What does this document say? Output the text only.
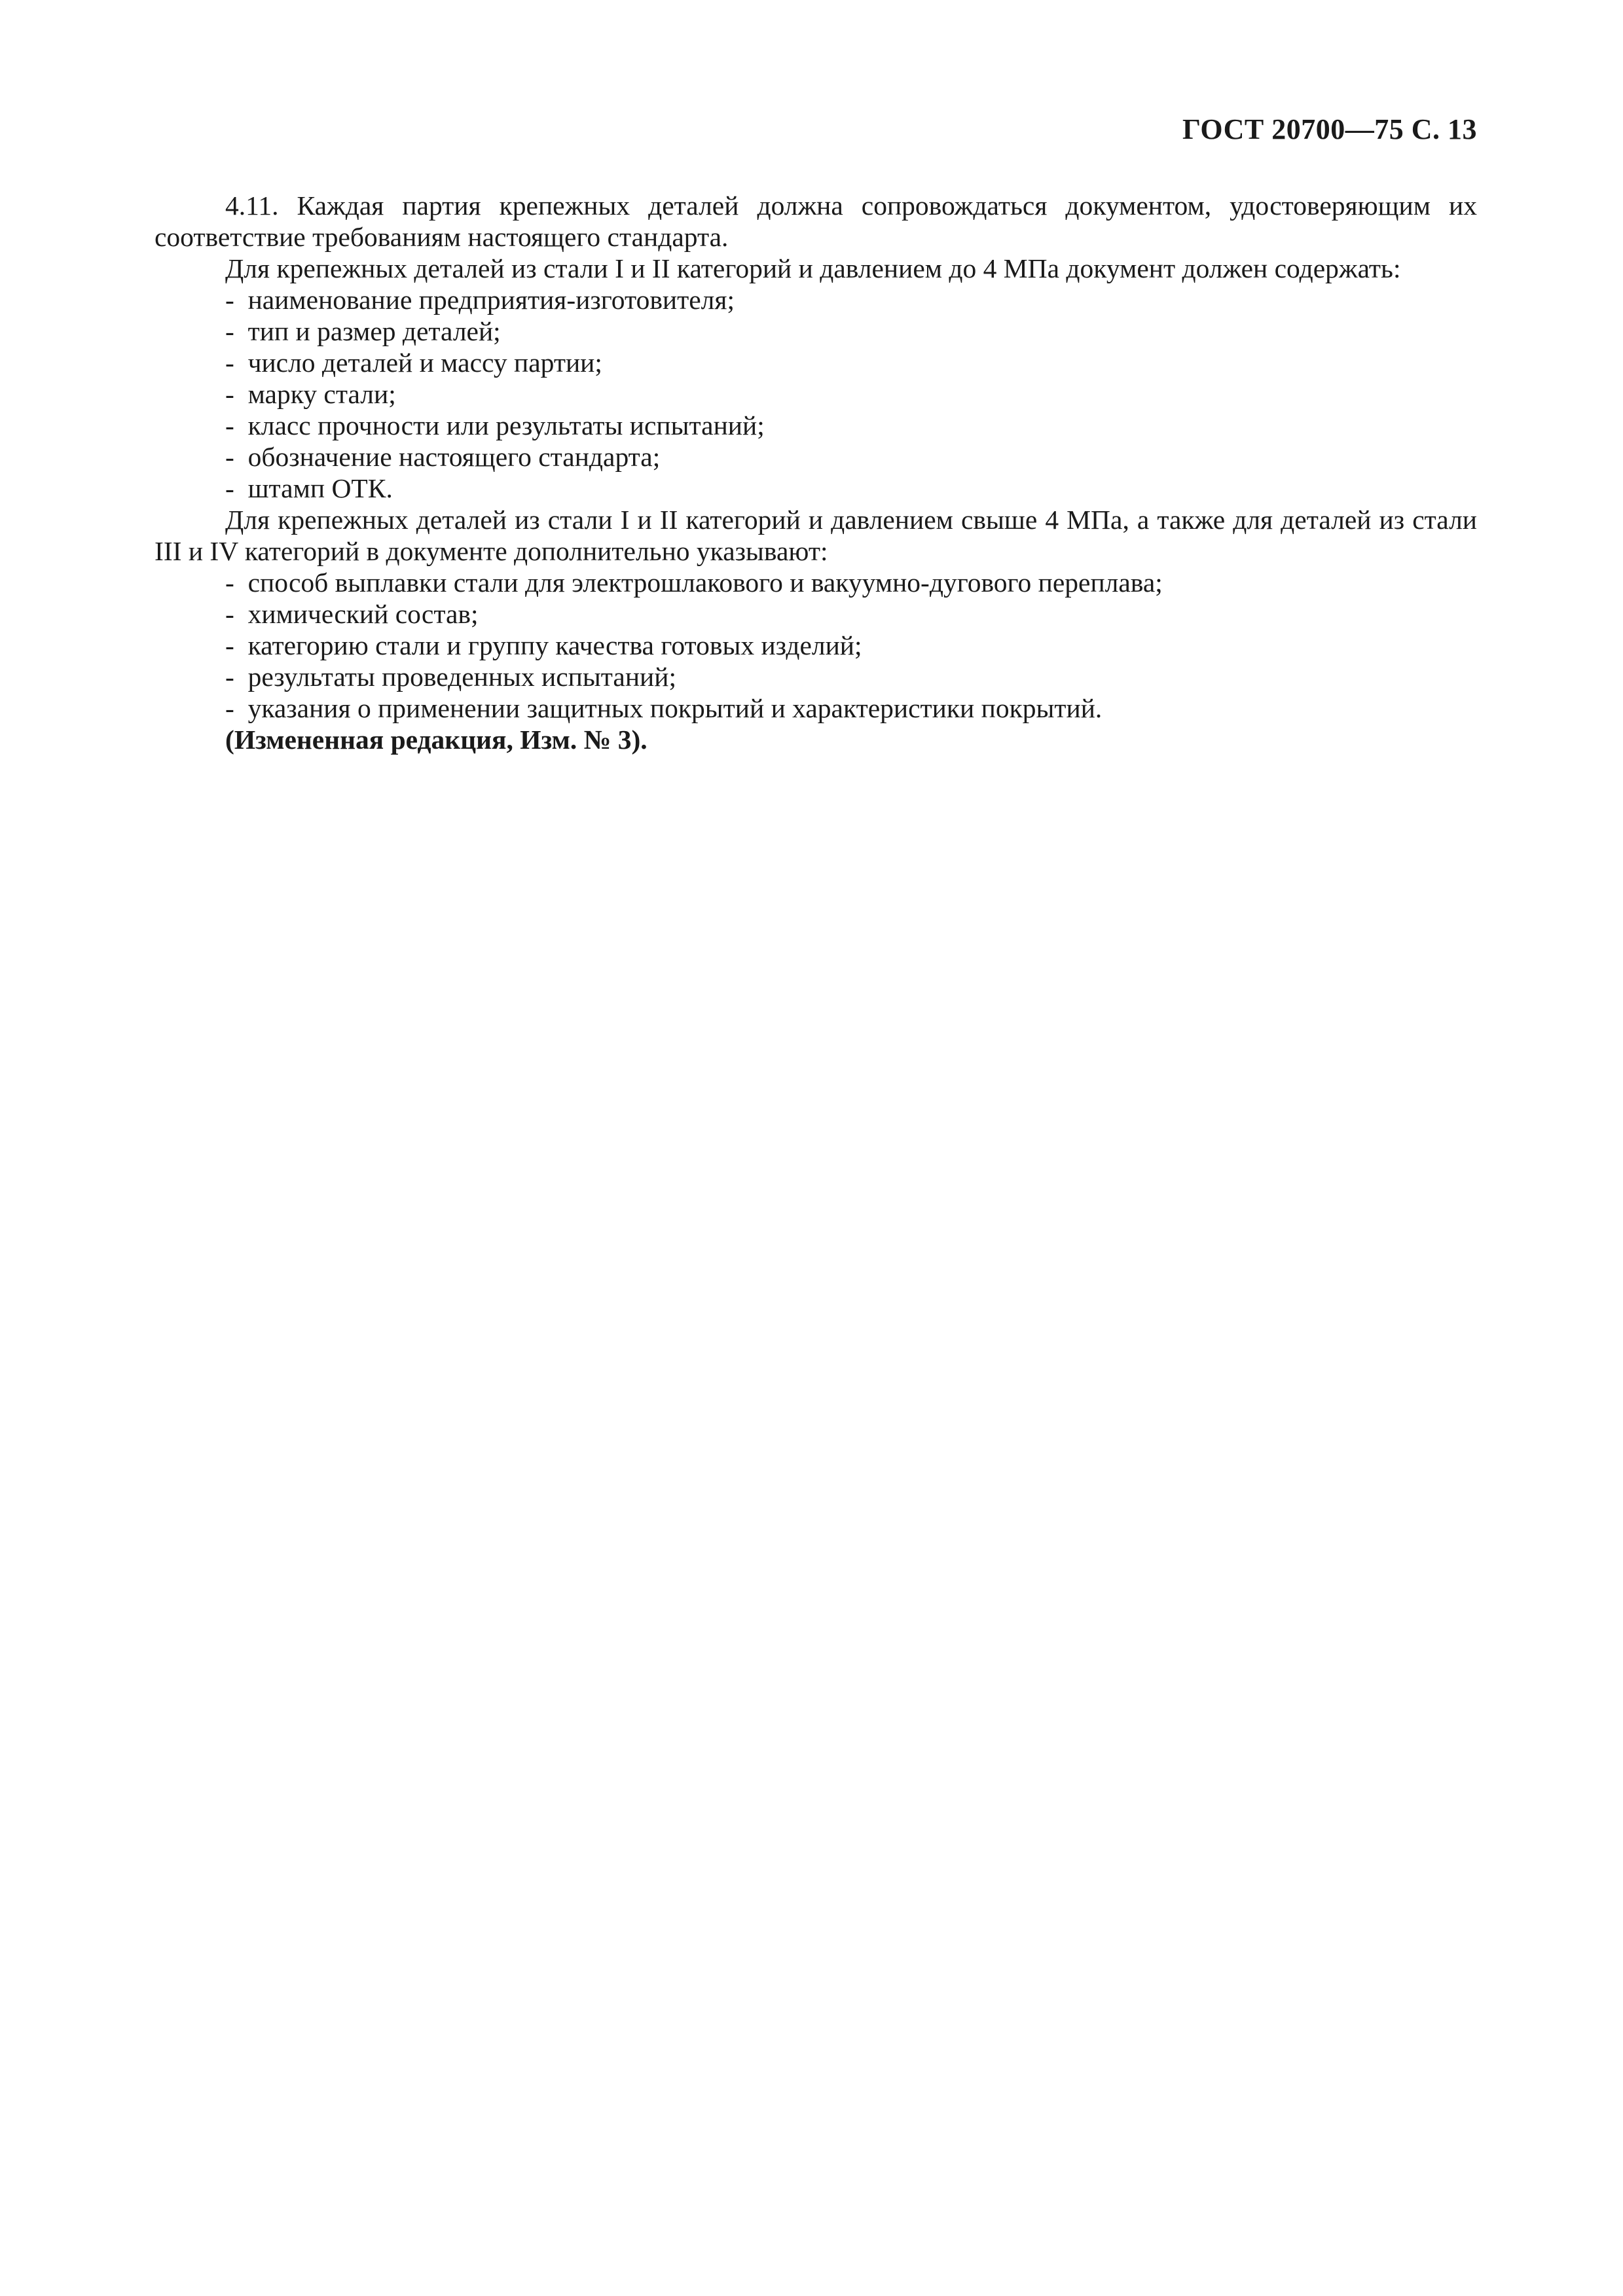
ГОСТ 20700—75 С. 13

4.11. Каждая партия крепежных деталей должна сопровождаться документом, удостоверяющим их соответствие требованиям настоящего стандарта.

Для крепежных деталей из стали I и II категорий и давлением до 4 МПа документ должен содержать:

- наименование предприятия-изготовителя;
- тип и размер деталей;
- число деталей и массу партии;
- марку стали;
- класс прочности или результаты испытаний;
- обозначение настоящего стандарта;
- штамп ОТК.

Для крепежных деталей из стали I и II категорий и давлением свыше 4 МПа, а также для деталей из стали III и IV категорий в документе дополнительно указывают:

- способ выплавки стали для электрошлакового и вакуумно-дугового переплава;
- химический состав;
- категорию стали и группу качества готовых изделий;
- результаты проведенных испытаний;
- указания о применении защитных покрытий и характеристики покрытий.

(Измененная редакция, Изм. № 3).
